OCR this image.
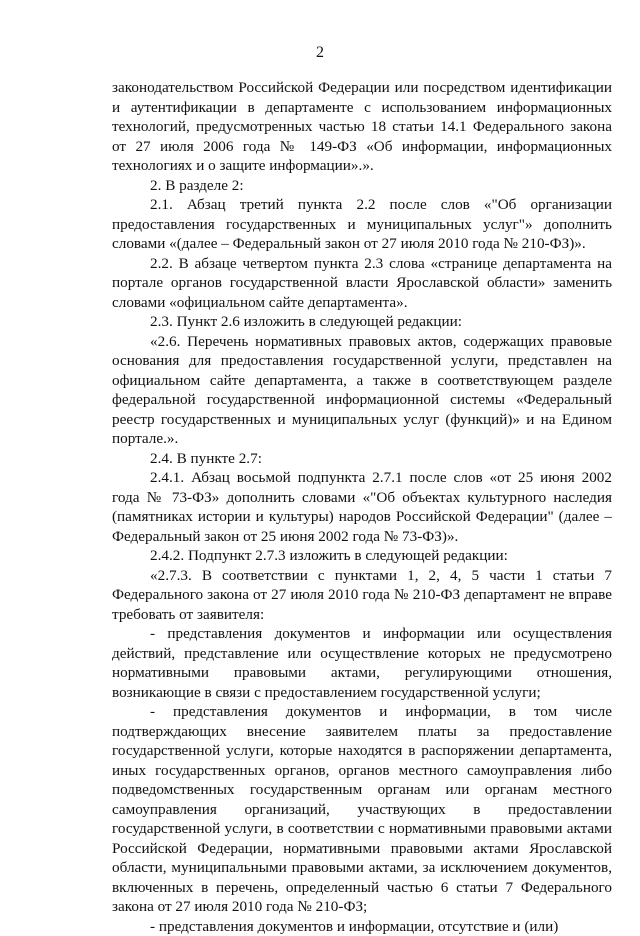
2

законодательством Российской Федерации или посредством идентификации и аутентификации в департаменте с использованием информационных технологий, предусмотренных частью 18 статьи 14.1 Федерального закона от 27 июля 2006 года № 149-ФЗ «Об информации, информационных технологиях и о защите информации».».

2. В разделе 2:

2.1. Абзац третий пункта 2.2 после слов «"Об организации предоставления государственных и муниципальных услуг"» дополнить словами «(далее – Федеральный закон от 27 июля 2010 года № 210-ФЗ)».

2.2. В абзаце четвертом пункта 2.3 слова «странице департамента на портале органов государственной власти Ярославской области» заменить словами «официальном сайте департамента».

2.3. Пункт 2.6 изложить в следующей редакции:

«2.6. Перечень нормативных правовых актов, содержащих правовые основания для предоставления государственной услуги, представлен на официальном сайте департамента, а также в соответствующем разделе федеральной государственной информационной системы «Федеральный реестр государственных и муниципальных услуг (функций)» и на Едином портале.».

2.4. В пункте 2.7:

2.4.1. Абзац восьмой подпункта 2.7.1 после слов «от 25 июня 2002 года № 73-ФЗ» дополнить словами «"Об объектах культурного наследия (памятниках истории и культуры) народов Российской Федерации" (далее – Федеральный закон от 25 июня 2002 года № 73-ФЗ)».

2.4.2. Подпункт 2.7.3 изложить в следующей редакции:

«2.7.3. В соответствии с пунктами 1, 2, 4, 5 части 1 статьи 7 Федерального закона от 27 июля 2010 года № 210-ФЗ департамент не вправе требовать от заявителя:

- представления документов и информации или осуществления действий, представление или осуществление которых не предусмотрено нормативными правовыми актами, регулирующими отношения, возникающие в связи с предоставлением государственной услуги;

- представления документов и информации, в том числе подтверждающих внесение заявителем платы за предоставление государственной услуги, которые находятся в распоряжении департамента, иных государственных органов, органов местного самоуправления либо подведомственных государственным органам или органам местного самоуправления организаций, участвующих в предоставлении государственной услуги, в соответствии с нормативными правовыми актами Российской Федерации, нормативными правовыми актами Ярославской области, муниципальными правовыми актами, за исключением документов, включенных в перечень, определенный частью 6 статьи 7 Федерального закона от 27 июля 2010 года № 210-ФЗ;

- представления документов и информации, отсутствие и (или)
